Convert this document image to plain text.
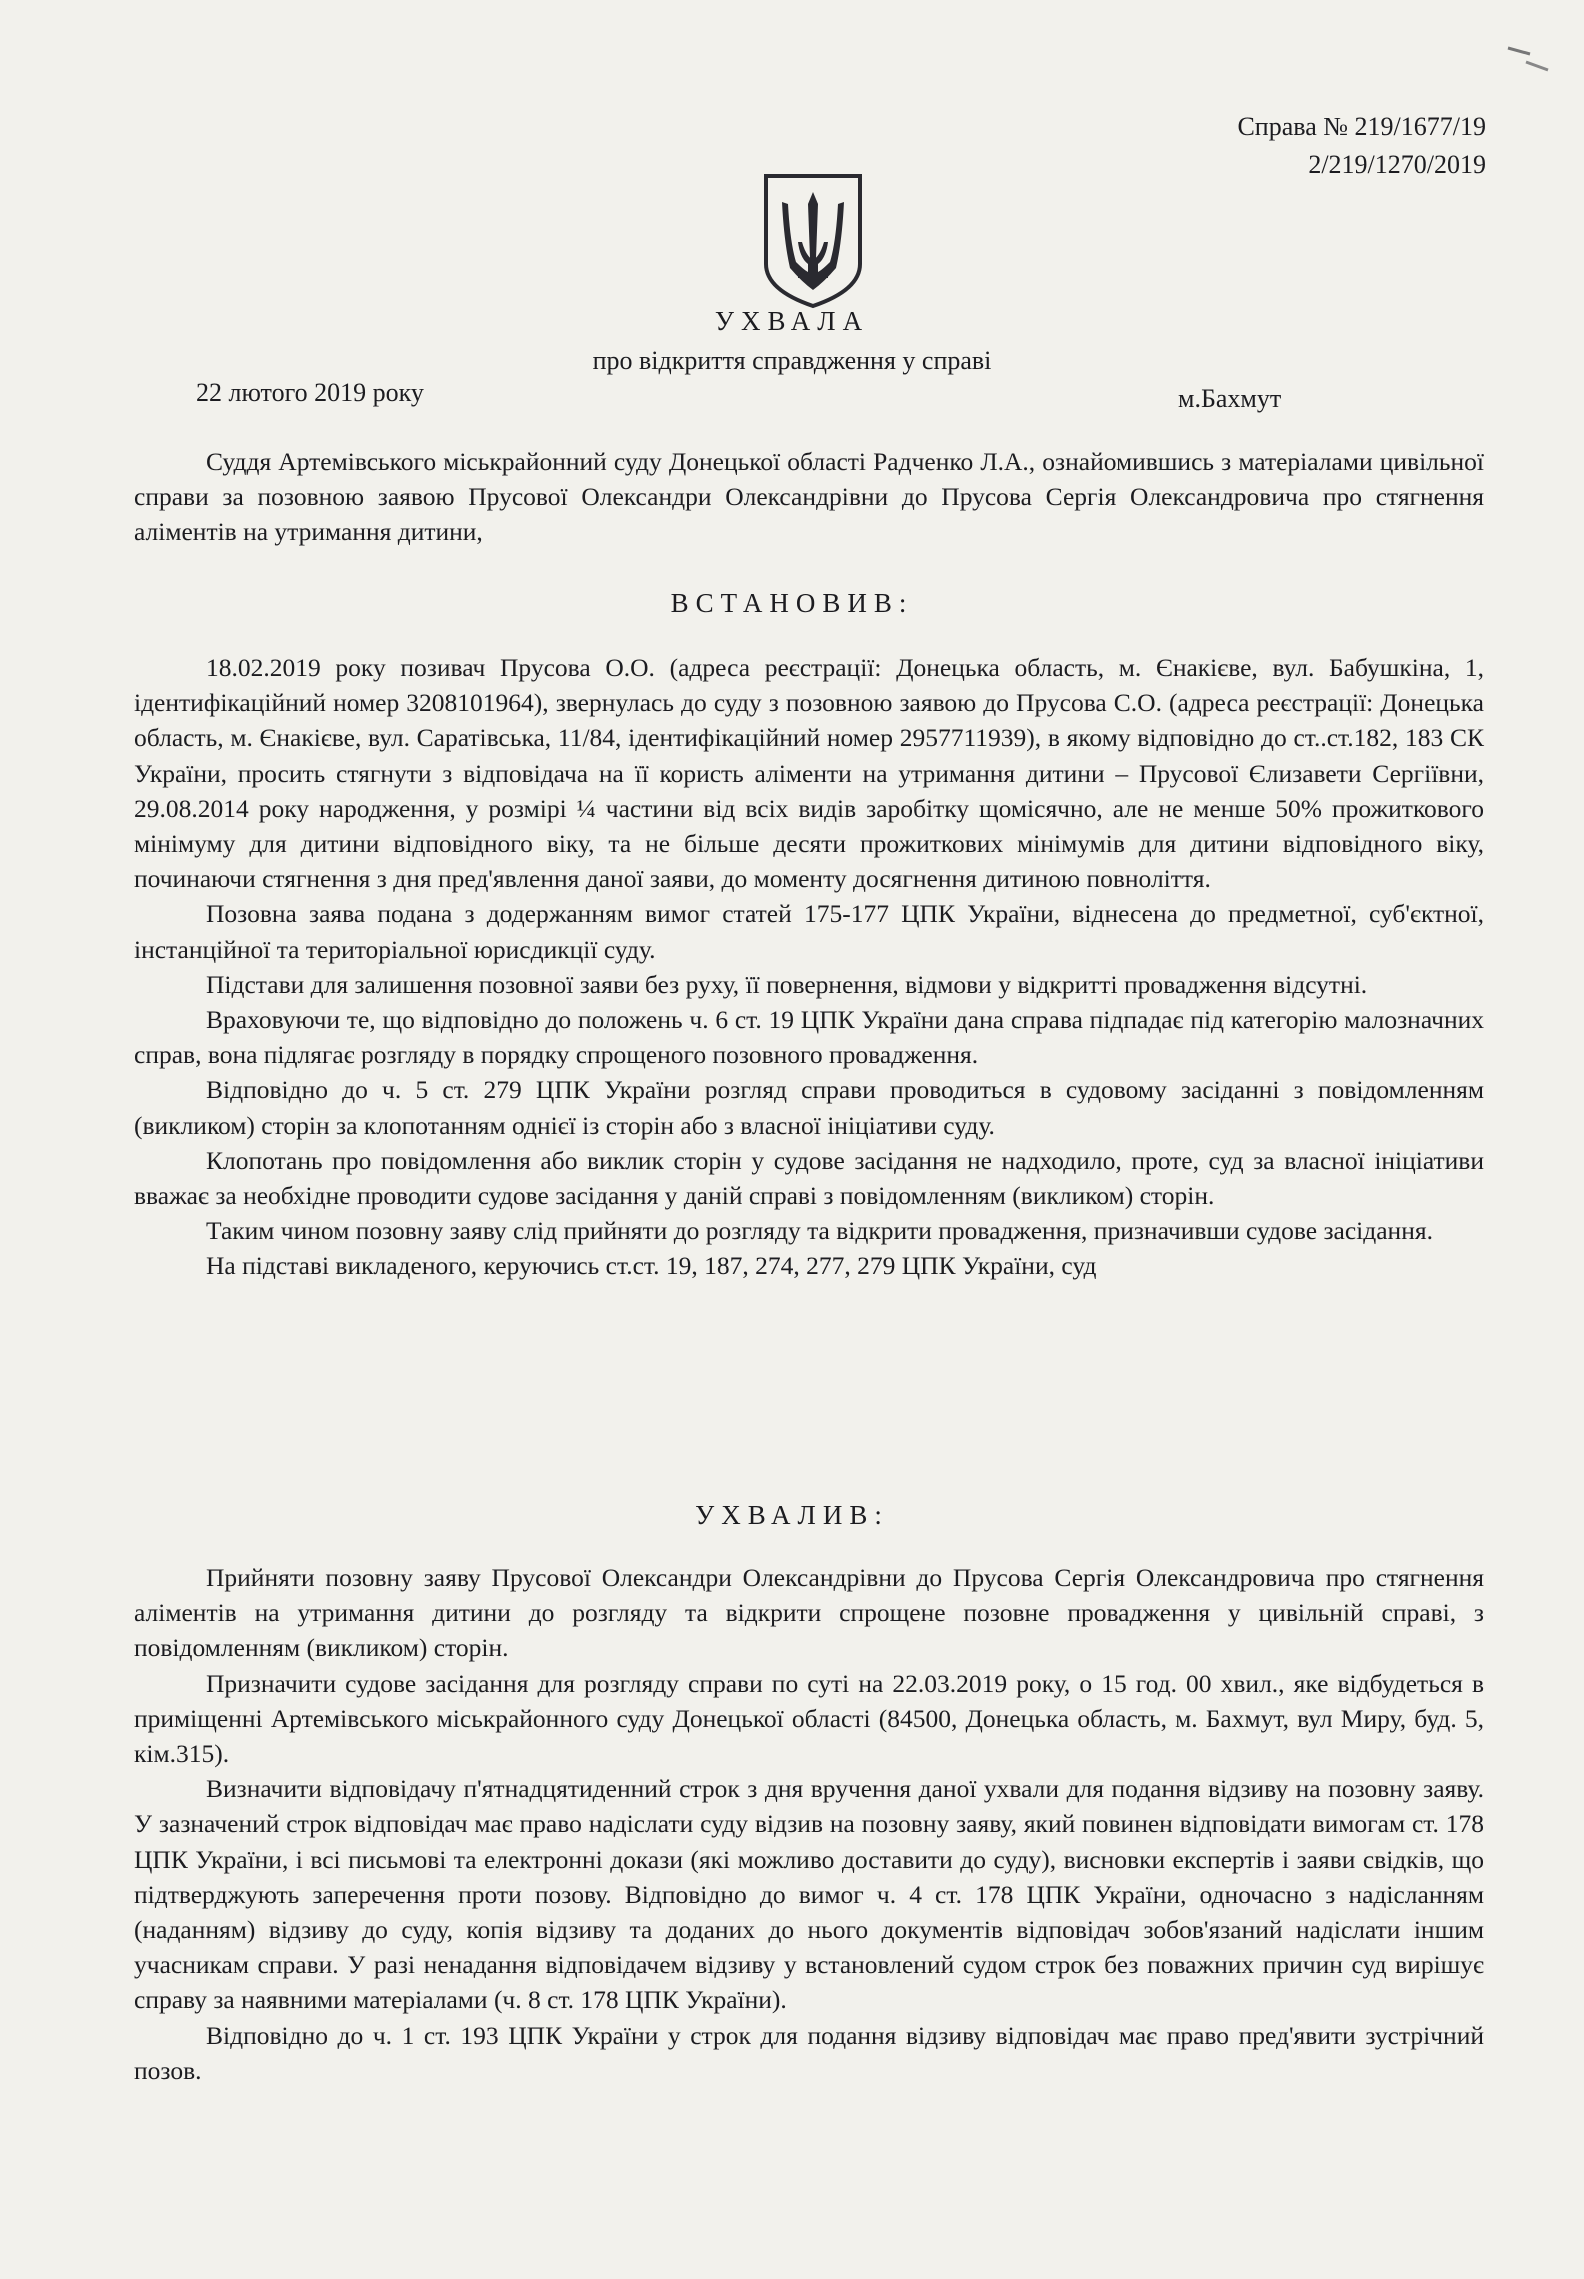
Справа № 219/1677/19
2/219/1270/2019
УХВАЛА
про відкриття справдження у справі
22 лютого 2019 року	м.Бахмут

Суддя Артемівського міськрайонний суду Донецької області Радченко Л.А., ознайомившись з матеріалами цивільної справи за позовною заявою Прусової Олександри Олександрівни до Прусова Сергія Олександровича про стягнення аліментів на утримання дитини,

ВСТАНОВИВ:

18.02.2019 року позивач Прусова О.О. (адреса реєстрації: Донецька область, м. Єнакієве, вул. Бабушкіна, 1, ідентифікаційний номер 3208101964), звернулась до суду з позовною заявою до Прусова С.О. (адреса реєстрації: Донецька область, м. Єнакієве, вул. Саратівська, 11/84, ідентифікаційний номер 2957711939), в якому відповідно до ст..ст.182, 183 СК України, просить стягнути з відповідача на її користь аліменти на утримання дитини – Прусової Єлизавети Сергіївни, 29.08.2014 року народження, у розмірі ¼ частини від всіх видів заробітку щомісячно, але не менше 50% прожиткового мінімуму для дитини відповідного віку, та не більше десяти прожиткових мінімумів для дитини відповідного віку, починаючи стягнення з дня пред'явлення даної заяви, до моменту досягнення дитиною повноліття.

Позовна заява подана з додержанням вимог статей 175-177 ЦПК України, віднесена до предметної, суб'єктної, інстанційної та територіальної юрисдикції суду.

Підстави для залишення позовної заяви без руху, її повернення, відмови у відкритті провадження відсутні.

Враховуючи те, що відповідно до положень ч. 6 ст. 19 ЦПК України дана справа підпадає під категорію малозначних справ, вона підлягає розгляду в порядку спрощеного позовного провадження.

Відповідно до ч. 5 ст. 279 ЦПК України розгляд справи проводиться в судовому засіданні з повідомленням (викликом) сторін за клопотанням однієї із сторін або з власної ініціативи суду.

Клопотань про повідомлення або виклик сторін у судове засідання не надходило, проте, суд за власної ініціативи вважає за необхідне проводити судове засідання у даній справі з повідомленням (викликом) сторін.

Таким чином позовну заяву слід прийняти до розгляду та відкрити провадження, призначивши судове засідання.

На підставі викладеного, керуючись ст.ст. 19, 187, 274, 277, 279 ЦПК України, суд

УХВАЛИВ:

Прийняти позовну заяву Прусової Олександри Олександрівни до Прусова Сергія Олександровича про стягнення аліментів на утримання дитини до розгляду та відкрити спрощене позовне провадження у цивільній справі, з повідомленням (викликом) сторін.

Призначити судове засідання для розгляду справи по суті на 22.03.2019 року, о 15 год. 00 хвил., яке відбудеться в приміщенні Артемівського міськрайонного суду Донецької області (84500, Донецька область, м. Бахмут, вул Миру, буд. 5, кім.315).

Визначити відповідачу п'ятнадцятиденний строк з дня вручення даної ухвали для подання відзиву на позовну заяву. У зазначений строк відповідач має право надіслати суду відзив на позовну заяву, який повинен відповідати вимогам ст. 178 ЦПК України, і всі письмові та електронні докази (які можливо доставити до суду), висновки експертів і заяви свідків, що підтверджують заперечення проти позову. Відповідно до вимог ч. 4 ст. 178 ЦПК України, одночасно з надісланням (наданням) відзиву до суду, копія відзиву та доданих до нього документів відповідач зобов'язаний надіслати іншим учасникам справи. У разі ненадання відповідачем відзиву у встановлений судом строк без поважних причин суд вирішує справу за наявними матеріалами (ч. 8 ст. 178 ЦПК України).

Відповідно до ч. 1 ст. 193 ЦПК України у строк для подання відзиву відповідач має право пред'явити зустрічний позов.
